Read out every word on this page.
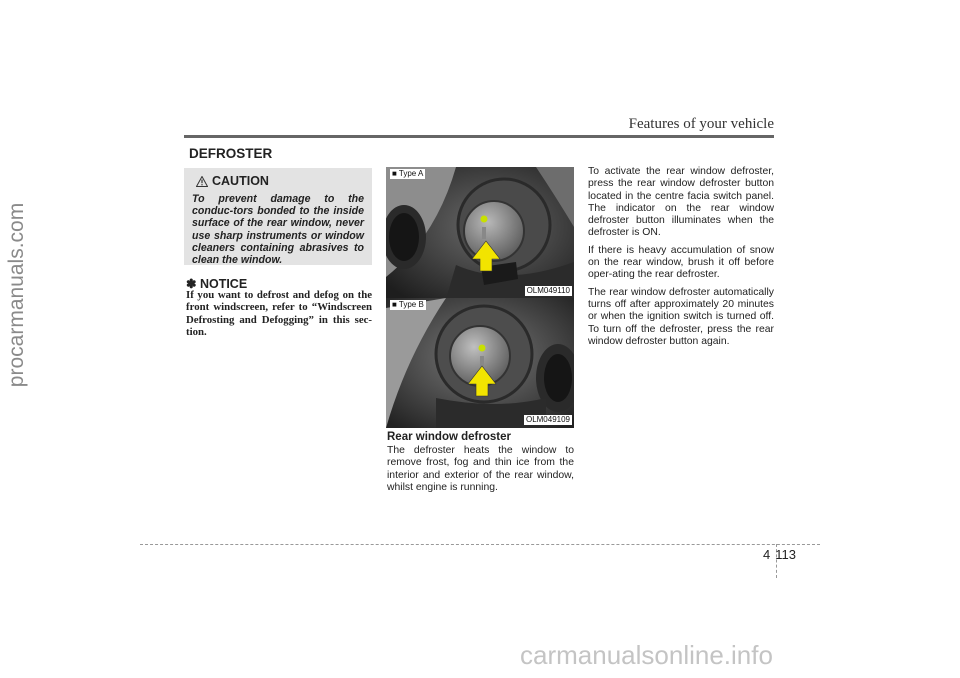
procarmanuals.com
Features of your vehicle
DEFROSTER
CAUTION
To prevent damage to the conduc-tors bonded to the inside surface of the rear window, never use sharp instruments or window cleaners containing abrasives to clean the window.
✽ NOTICE
If you want to defrost and defog on the front windscreen, refer to “Windscreen Defrosting and Defogging” in this sec-tion.
■ Type A
OLM049110
■ Type B
OLM049109
Rear window defroster
The defroster heats the window to remove frost, fog and thin ice from the interior and exterior of the rear window, whilst engine is running.

To activate the rear window defroster, press the rear window defroster button located in the centre facia switch panel. The indicator on the rear window defroster button illuminates when the defroster is ON.

If there is heavy accumulation of snow on the rear window, brush it off before oper-ating the rear defroster.

The rear window defroster automatically turns off after approximately 20 minutes or when the ignition switch is turned off. To turn off the defroster, press the rear window defroster button again.

4 113
carmanualsonline.info
